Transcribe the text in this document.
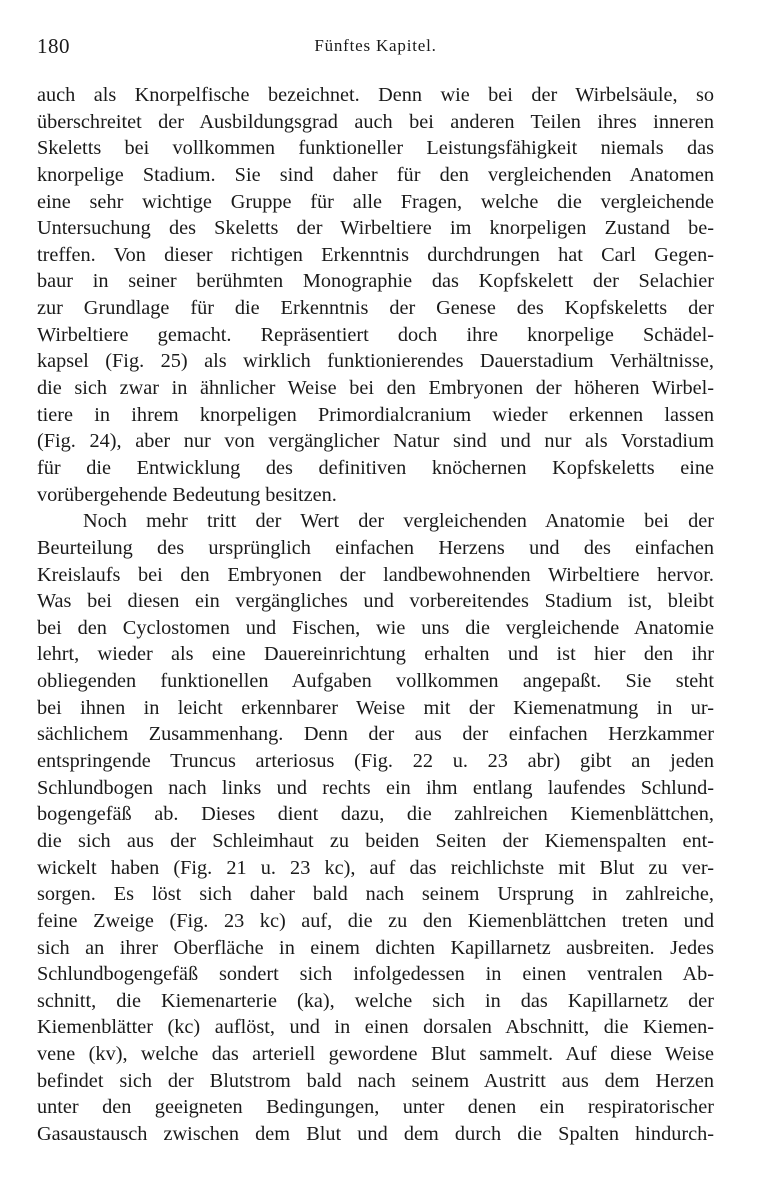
180	Fünftes Kapitel.
auch als Knorpelfische bezeichnet. Denn wie bei der Wirbelsäule, so
überschreitet der Ausbildungsgrad auch bei anderen Teilen ihres inneren
Skeletts bei vollkommen funktioneller Leistungsfähigkeit niemals das
knorpelige Stadium. Sie sind daher für den vergleichenden Anatomen
eine sehr wichtige Gruppe für alle Fragen, welche die vergleichende
Untersuchung des Skeletts der Wirbeltiere im knorpeligen Zustand be-
treffen. Von dieser richtigen Erkenntnis durchdrungen hat Carl Gegen-
baur in seiner berühmten Monographie das Kopfskelett der Selachier
zur Grundlage für die Erkenntnis der Genese des Kopfskeletts der
Wirbeltiere gemacht. Repräsentiert doch ihre knorpelige Schädel-
kapsel (Fig. 25) als wirklich funktionierendes Dauerstadium Verhältnisse,
die sich zwar in ähnlicher Weise bei den Embryonen der höheren Wirbel-
tiere in ihrem knorpeligen Primordialcranium wieder erkennen lassen
(Fig. 24), aber nur von vergänglicher Natur sind und nur als Vorstadium
für die Entwicklung des definitiven knöchernen Kopfskeletts eine
vorübergehende Bedeutung besitzen.
Noch mehr tritt der Wert der vergleichenden Anatomie bei der
Beurteilung des ursprünglich einfachen Herzens und des einfachen
Kreislaufs bei den Embryonen der landbewohnenden Wirbeltiere hervor.
Was bei diesen ein vergängliches und vorbereitendes Stadium ist, bleibt
bei den Cyclostomen und Fischen, wie uns die vergleichende Anatomie
lehrt, wieder als eine Dauereinrichtung erhalten und ist hier den ihr
obliegenden funktionellen Aufgaben vollkommen angepaßt. Sie steht
bei ihnen in leicht erkennbarer Weise mit der Kiemenatmung in ur-
sächlichem Zusammenhang. Denn der aus der einfachen Herzkammer
entspringende Truncus arteriosus (Fig. 22 u. 23 abr) gibt an jeden
Schlundbogen nach links und rechts ein ihm entlang laufendes Schlund-
bogengefäß ab. Dieses dient dazu, die zahlreichen Kiemenblättchen,
die sich aus der Schleimhaut zu beiden Seiten der Kiemenspalten ent-
wickelt haben (Fig. 21 u. 23 kc), auf das reichlichste mit Blut zu ver-
sorgen. Es löst sich daher bald nach seinem Ursprung in zahlreiche,
feine Zweige (Fig. 23 kc) auf, die zu den Kiemenblättchen treten und
sich an ihrer Oberfläche in einem dichten Kapillarnetz ausbreiten. Jedes
Schlundbogengefäß sondert sich infolgedessen in einen ventralen Ab-
schnitt, die Kiemenarterie (ka), welche sich in das Kapillarnetz der
Kiemenblätter (kc) auflöst, und in einen dorsalen Abschnitt, die Kiemen-
vene (kv), welche das arteriell gewordene Blut sammelt. Auf diese Weise
befindet sich der Blutstrom bald nach seinem Austritt aus dem Herzen
unter den geeigneten Bedingungen, unter denen ein respiratorischer
Gasaustausch zwischen dem Blut und dem durch die Spalten hindurch-
